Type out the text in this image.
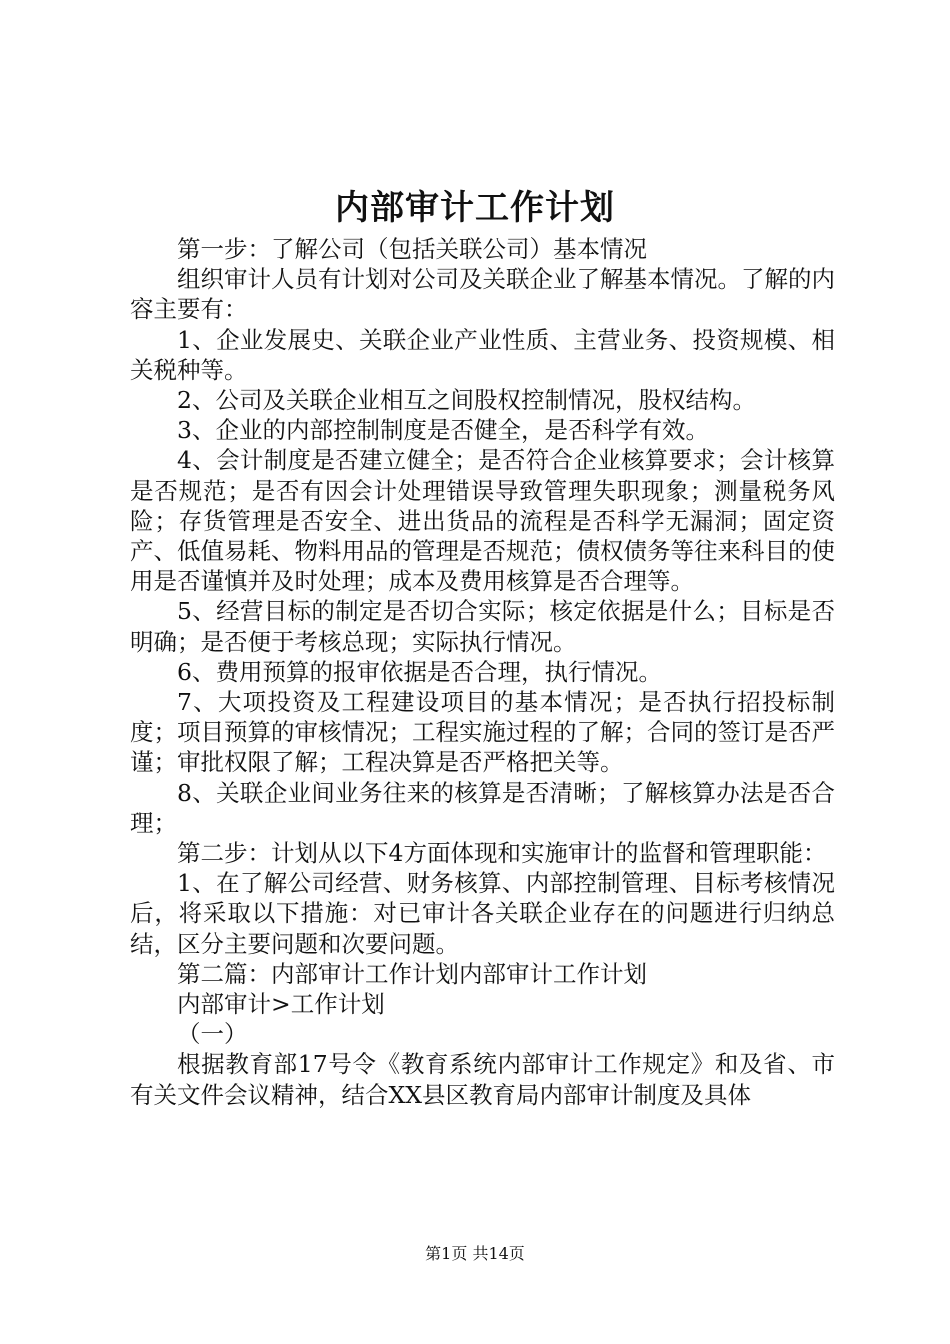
内部审计工作计划

第一步：了解公司（包括关联公司）基本情况

组织审计人员有计划对公司及关联企业了解基本情况。了解的内容主要有：

1、企业发展史、关联企业产业性质、主营业务、投资规模、相关税种等。

2、公司及关联企业相互之间股权控制情况，股权结构。

3、企业的内部控制制度是否健全，是否科学有效。

4、会计制度是否建立健全；是否符合企业核算要求；会计核算是否规范；是否有因会计处理错误导致管理失职现象；测量税务风险；存货管理是否安全、进出货品的流程是否科学无漏洞；固定资产、低值易耗、物料用品的管理是否规范；债权债务等往来科目的使用是否谨慎并及时处理；成本及费用核算是否合理等。

5、经营目标的制定是否切合实际；核定依据是什么；目标是否明确；是否便于考核总现；实际执行情况。

6、费用预算的报审依据是否合理，执行情况。

7、大项投资及工程建设项目的基本情况；是否执行招投标制度；项目预算的审核情况；工程实施过程的了解；合同的签订是否严谨；审批权限了解；工程决算是否严格把关等。

8、关联企业间业务往来的核算是否清晰；了解核算办法是否合理；

第二步：计划从以下4方面体现和实施审计的监督和管理职能：

1、在了解公司经营、财务核算、内部控制管理、目标考核情况后，将采取以下措施：对已审计各关联企业存在的问题进行归纳总结，区分主要问题和次要问题。

第二篇：内部审计工作计划内部审计工作计划

内部审计>工作计划

（一）

根据教育部17号令《教育系统内部审计工作规定》和及省、市有关文件会议精神，结合XX县区教育局内部审计制度及具体

第1页 共14页
